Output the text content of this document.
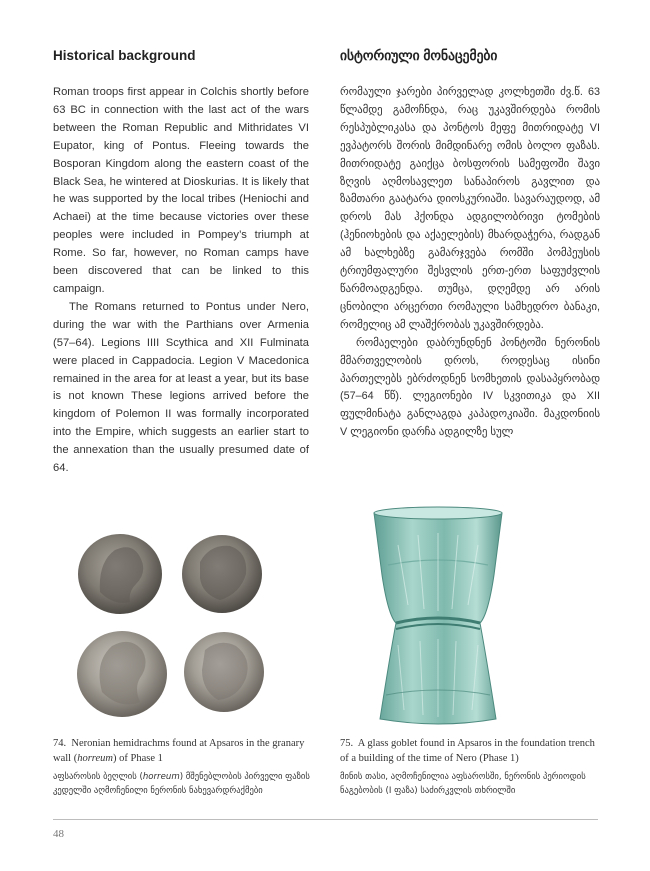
Historical background	ისტორიული მონაცემები

Roman troops first appear in Colchis shortly before 63 BC in connection with the last act of the wars between the Roman Republic and Mithridates VI Eupator, king of Pontus. Fleeing towards the Bosporan Kingdom along the eastern coast of the Black Sea, he wintered at Dioskurias. It is likely that he was supported by the local tribes (Heniochi and Achaei) at the time because victories over these peoples were included in Pompey’s triumph at Rome. So far, however, no Roman camps have been discovered that can be linked to this campaign.

The Romans returned to Pontus under Nero, during the war with the Parthians over Armenia (57–64). Legions IIII Scythica and XII Fulminata were placed in Cappadocia. Legion V Macedonica remained in the area for at least a year, but its base is not known These legions arrived before the kingdom of Polemon II was formally incorporated into the Empire, which suggests an earlier start to the annexation than the usually presumed date of 64.

რომაული ჯარები პირველად კოლხეთში ძვ.წ. 63 წლამდე გამოჩნდა, რაც უკავშირდება რომის რესპუბლიკასა და პონტოს მეფე მითრიდატე VI ევპატორს შორის მიმდინარე ომის ბოლო ფაზას. მითრიდატე გაიქცა ბოსფორის სამეფოში შავი ზღვის აღმოსავლეთ სანაპიროს გავლით და ზამთარი გაატარა დიოსკურიაში. სავარაუდოდ, ამ დროს მას ჰქონდა ადგილობრივი ტომების (ჰენიოხების და აქაელების) მხარდაჭერა, რადგან ამ ხალხებზე გამარჯვება რომში პომპეუსის ტრიუმფალური შესვლის ერთ-ერთ საფუძვლის წარმოადგენდა. თუმცა, დღემდე არ არის ცნობილი არცერთი რომაული სამხედრო ბანაკი, რომელიც ამ ლაშქრობას უკავშირდება.

რომაელები დაბრუნდნენ პონტოში ნერონის მმართველობის დროს, როდესაც ისინი პართელებს ებრძოდნენ სომხეთის დასაპყრობად (57–64 წწ). ლეგიონები IV სკვითიკა და XII ფულმინატა განლაგდა კაპადოკიაში. მაკდონიის V ლეგიონი დარჩა ადგილზე სულ

74. Neronian hemidrachms found at Apsaros in the granary wall (horreum) of Phase 1
აფსაროსის ბეღლის (horreum) მშენებლობის პირველი ფაზის კედელში აღმოჩენილი ნერონის ნახევარდრაქმები
75. A glass goblet found in Apsaros in the foundation trench of a building of the time of Nero (Phase 1)
მინის თასი, აღმოჩენილია აფსაროსში, ნერონის პერიოდის ნაგებობის (I ფაზა) საძირკვლის თხრილში
48
